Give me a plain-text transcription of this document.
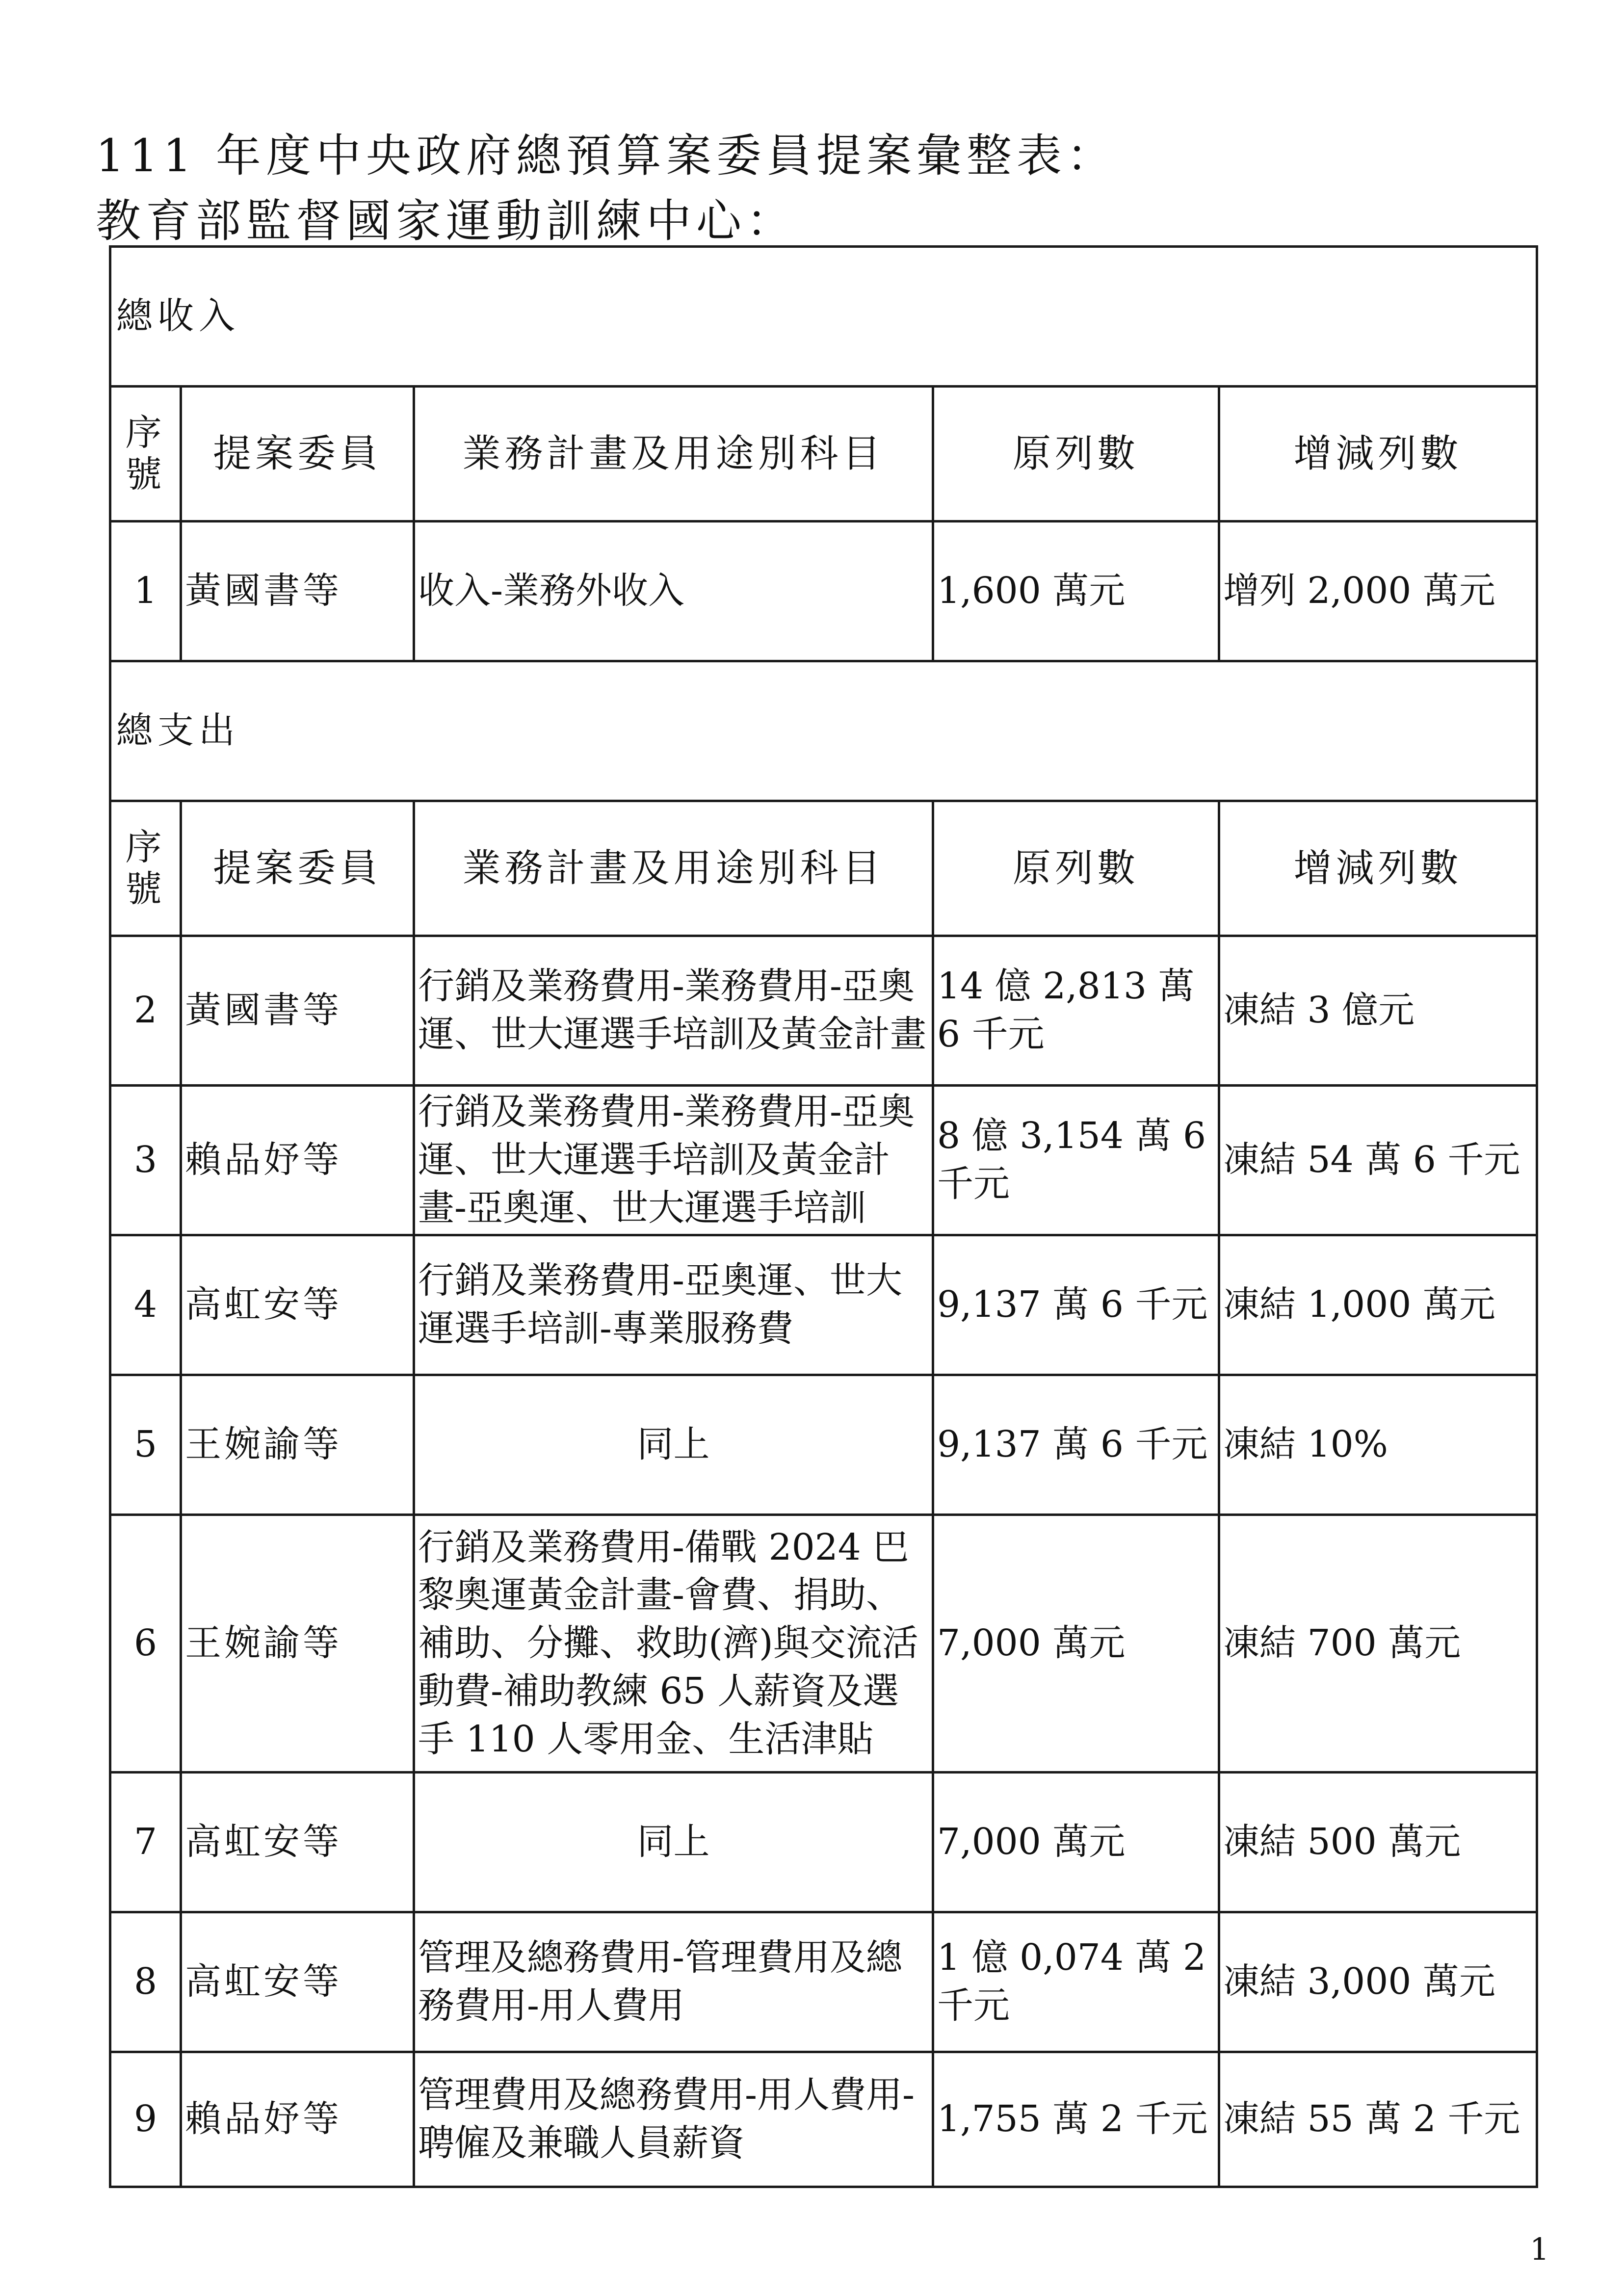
111 年度中央政府總預算案委員提案彙整表：
教育部監督國家運動訓練中心：
總收入				
序號	提案委員	業務計畫及用途別科目	原列數	增減列數
1	黃國書等	收入-業務外收入	1,600 萬元	增列 2,000 萬元
總支出				
序號	提案委員	業務計畫及用途別科目	原列數	增減列數
2	黃國書等	行銷及業務費用-業務費用-亞奧運、世大運選手培訓及黃金計畫	14 億 2,813 萬 6 千元	凍結 3 億元
3	賴品妤等	行銷及業務費用-業務費用-亞奧運、世大運選手培訓及黃金計畫-亞奧運、世大運選手培訓	8 億 3,154 萬 6 千元	凍結 54 萬 6 千元
4	高虹安等	行銷及業務費用-亞奧運、世大運選手培訓-專業服務費	9,137 萬 6 千元	凍結 1,000 萬元
5	王婉諭等	同上	9,137 萬 6 千元	凍結 10%
6	王婉諭等	行銷及業務費用-備戰 2024 巴黎奧運黃金計畫-會費、捐助、補助、分攤、救助(濟)與交流活動費-補助教練 65 人薪資及選手 110 人零用金、生活津貼	7,000 萬元	凍結 700 萬元
7	高虹安等	同上	7,000 萬元	凍結 500 萬元
8	高虹安等	管理及總務費用-管理費用及總務費用-用人費用	1 億 0,074 萬 2 千元	凍結 3,000 萬元
9	賴品妤等	管理費用及總務費用-用人費用-聘僱及兼職人員薪資	1,755 萬 2 千元	凍結 55 萬 2 千元
1
